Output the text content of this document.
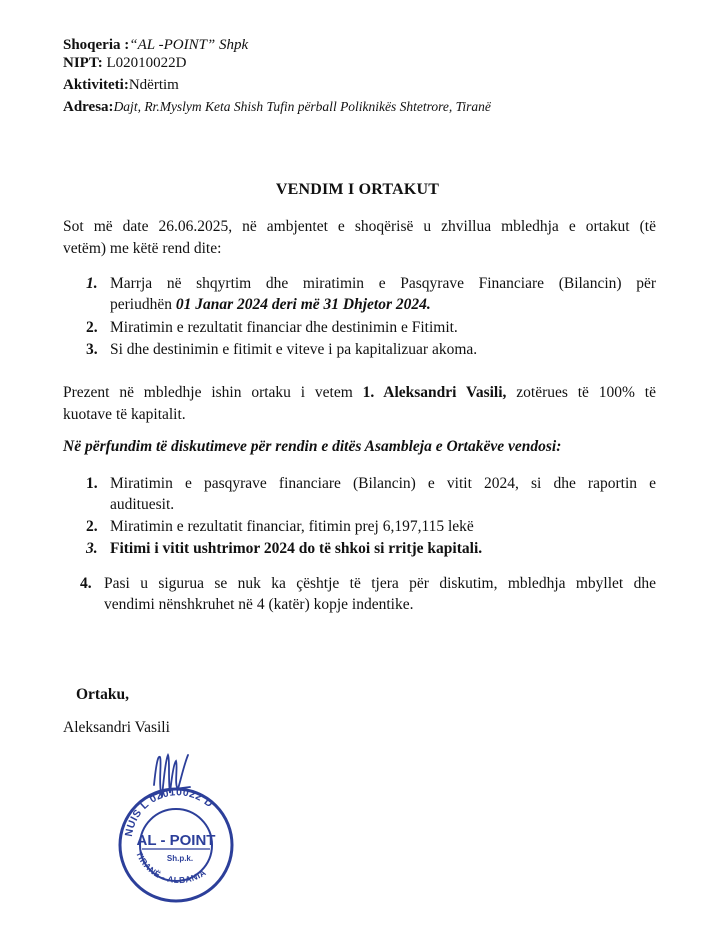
Shoqeria :“AL -POINT” Shpk
NIPT: L02010022D
Aktiviteti:Ndërtim
Adresa:Dajt, Rr.Myslym Keta Shish Tufin përball Poliknikës Shtetrore, Tiranë
VENDIM I ORTAKUT
Sot më date 26.06.2025, në ambjentet e shoqërisë u zhvillua mbledhja e ortakut (të
vetëm) me këtë rend dite:
1. Marrja në shqyrtim dhe miratimin e Pasqyrave Financiare (Bilancin) për
periudhën 01 Janar 2024 deri më 31 Dhjetor 2024.
2. Miratimin e rezultatit financiar dhe destinimin e Fitimit.
3. Si dhe destinimin e fitimit e viteve i pa kapitalizuar akoma.
Prezent në mbledhje ishin ortaku i vetem 1. Aleksandri Vasili, zotërues të 100% të
kuotave të kapitalit.
Në përfundim të diskutimeve për rendin e ditës Asambleja e Ortakëve vendosi:
1. Miratimin e pasqyrave financiare (Bilancin) e vitit 2024, si dhe raportin e
audituesit.
2. Miratimin e rezultatit financiar, fitimin prej 6,197,115 lekë
3. Fitimi i vitit ushtrimor 2024 do të shkoi si rritje kapitali.
4. Pasi u sigurua se nuk ka çështje të tjera për diskutim, mbledhja mbyllet dhe
vendimi nënshkruhet në 4 (katër) kopje indentike.
Ortaku,
Aleksandri Vasili
NUIS L 02010022 D
TIRANË - ALBANIA
AL - POINT
Sh.p.k.
